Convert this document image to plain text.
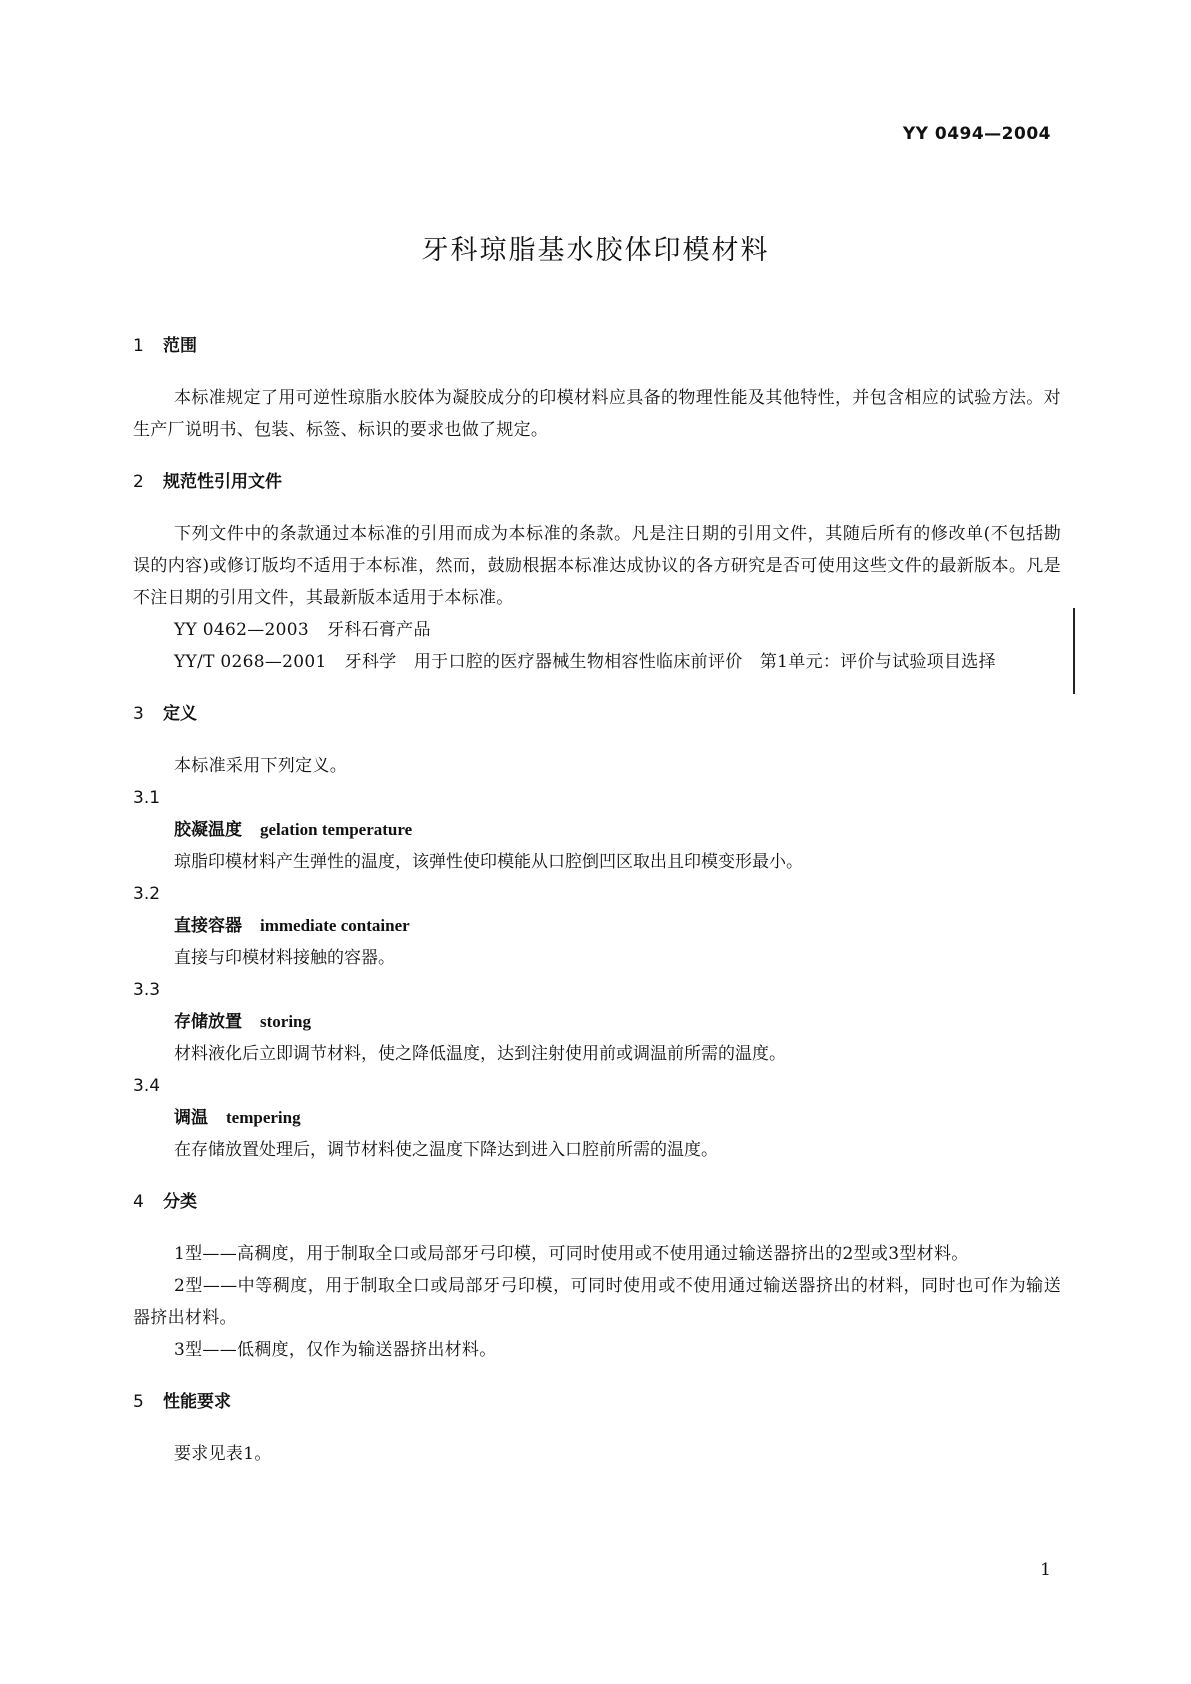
YY 0494—2004
牙科琼脂基水胶体印模材料
1 范围

本标准规定了用可逆性琼脂水胶体为凝胶成分的印模材料应具备的物理性能及其他特性，并包含相应的试验方法。对生产厂说明书、包装、标签、标识的要求也做了规定。

2 规范性引用文件

下列文件中的条款通过本标准的引用而成为本标准的条款。凡是注日期的引用文件，其随后所有的修改单(不包括勘误的内容)或修订版均不适用于本标准，然而，鼓励根据本标准达成协议的各方研究是否可使用这些文件的最新版本。凡是不注日期的引用文件，其最新版本适用于本标准。

YY 0462—2003 牙科石膏产品

YY/T 0268—2001 牙科学　用于口腔的医疗器械生物相容性临床前评价　第1单元：评价与试验项目选择

3 定义

本标准采用下列定义。

3.1
胶凝温度 gelation temperature

琼脂印模材料产生弹性的温度，该弹性使印模能从口腔倒凹区取出且印模变形最小。

3.2
直接容器 immediate container

直接与印模材料接触的容器。

3.3
存储放置 storing

材料液化后立即调节材料，使之降低温度，达到注射使用前或调温前所需的温度。

3.4
调温 tempering

在存储放置处理后，调节材料使之温度下降达到进入口腔前所需的温度。

4 分类

1型——高稠度，用于制取全口或局部牙弓印模，可同时使用或不使用通过输送器挤出的2型或3型材料。

2型——中等稠度，用于制取全口或局部牙弓印模，可同时使用或不使用通过输送器挤出的材料，同时也可作为输送器挤出材料。

3型——低稠度，仅作为输送器挤出材料。

5 性能要求

要求见表1。

1
